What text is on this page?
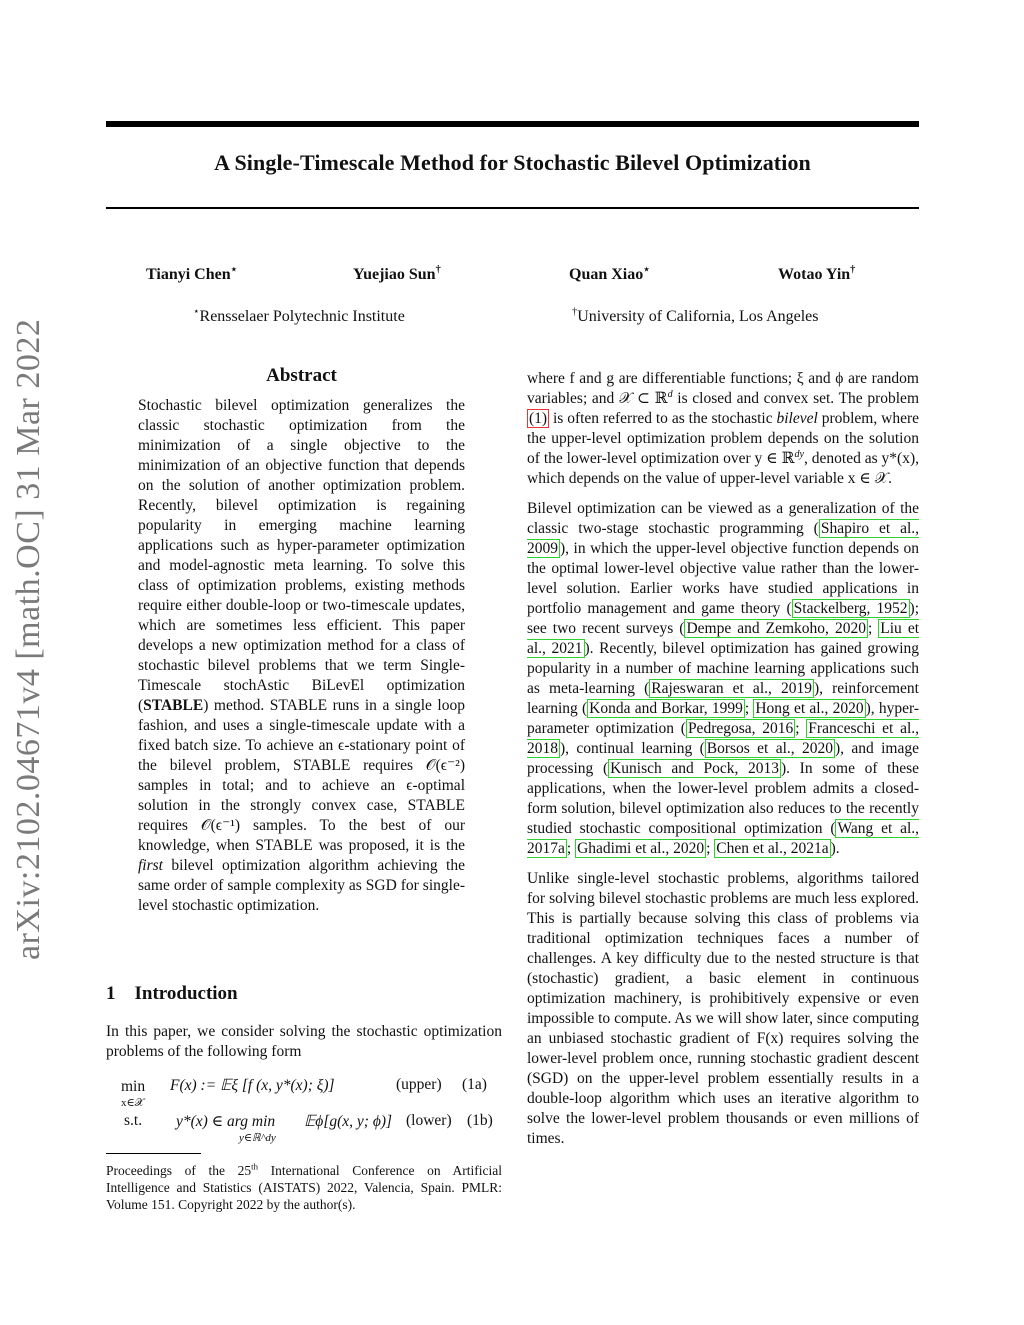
A Single-Timescale Method for Stochastic Bilevel Optimization
Tianyi Chen⋆	Yuejiao Sun†	Quan Xiao⋆	Wotao Yin†
⋆Rensselaer Polytechnic Institute	†University of California, Los Angeles
arXiv:2102.04671v4 [math.OC] 31 Mar 2022	Abstract

Stochastic bilevel optimization generalizes the classic stochastic optimization from the minimization of a single objective to the minimization of an objective function that depends on the solution of another optimization problem. Recently, bilevel optimization is regaining popularity in emerging machine learning applications such as hyper-parameter optimization and model-agnostic meta learning. To solve this class of optimization problems, existing methods require either double-loop or two-timescale updates, which are sometimes less efficient. This paper develops a new optimization method for a class of stochastic bilevel problems that we term Single-Timescale stochAstic BiLevEl optimization (STABLE) method. STABLE runs in a single loop fashion, and uses a single-timescale update with a fixed batch size. To achieve an ϵ-stationary point of the bilevel problem, STABLE requires 𝒪(ϵ⁻²) samples in total; and to achieve an ϵ-optimal solution in the strongly convex case, STABLE requires 𝒪(ϵ⁻¹) samples. To the best of our knowledge, when STABLE was proposed, it is the first bilevel optimization algorithm achieving the same order of sample complexity as SGD for single-level stochastic optimization.

1 Introduction

In this paper, we consider solving the stochastic optimization problems of the following form

min
x∈𝒳
F(x) := 𝔼ξ [f (x, y*(x); ξ)]	(upper) (1a)
s.t. y*(x) ∈ arg min
y∈ℝ^dy
𝔼ϕ[g(x, y; ϕ)] (lower) (1b)

Proceedings of the 25th International Conference on Artificial Intelligence and Statistics (AISTATS) 2022, Valencia, Spain. PMLR: Volume 151. Copyright 2022 by the author(s).

where f and g are differentiable functions; ξ and ϕ are random variables; and 𝒳 ⊂ ℝ$^d$ is closed and convex set. The problem (1) is often referred to as the stochastic bilevel problem, where the upper-level optimization problem depends on the solution of the lower-level optimization over y ∈ ℝ$^{dy}$, denoted as y*(x), which depends on the value of upper-level variable x ∈ 𝒳.

Bilevel optimization can be viewed as a generalization of the classic two-stage stochastic programming ( Shapiro et al., 2009 ), in which the upper-level objective function depends on the optimal lower-level objective value rather than the lower-level solution. Earlier works have studied applications in portfolio management and game theory ( Stackelberg, 1952 ); see two recent surveys ( Dempe and Zemkoho, 2020 ; Liu et al., 2021 ). Recently, bilevel optimization has gained growing popularity in a number of machine learning applications such as meta-learning ( Rajeswaran et al., 2019 ), reinforcement learning ( Konda and Borkar, 1999 ; Hong et al., 2020 ), hyper-parameter optimization ( Pedregosa, 2016 ; Franceschi et al., 2018 ), continual learning ( Borsos et al., 2020 ), and image processing ( Kunisch and Pock, 2013 ). In some of these applications, when the lower-level problem admits a closed-form solution, bilevel optimization also reduces to the recently studied stochastic compositional optimization ( Wang et al., 2017a ; Ghadimi et al., 2020 ; Chen et al., 2021a ).

Unlike single-level stochastic problems, algorithms tailored for solving bilevel stochastic problems are much less explored. This is partially because solving this class of problems via traditional optimization techniques faces a number of challenges. A key difficulty due to the nested structure is that (stochastic) gradient, a basic element in continuous optimization machinery, is prohibitively expensive or even impossible to compute. As we will show later, since computing an unbiased stochastic gradient of F(x) requires solving the lower-level problem once, running stochastic gradient descent (SGD) on the upper-level problem essentially results in a double-loop algorithm which uses an iterative algorithm to solve the lower-level problem thousands or even millions of times.
